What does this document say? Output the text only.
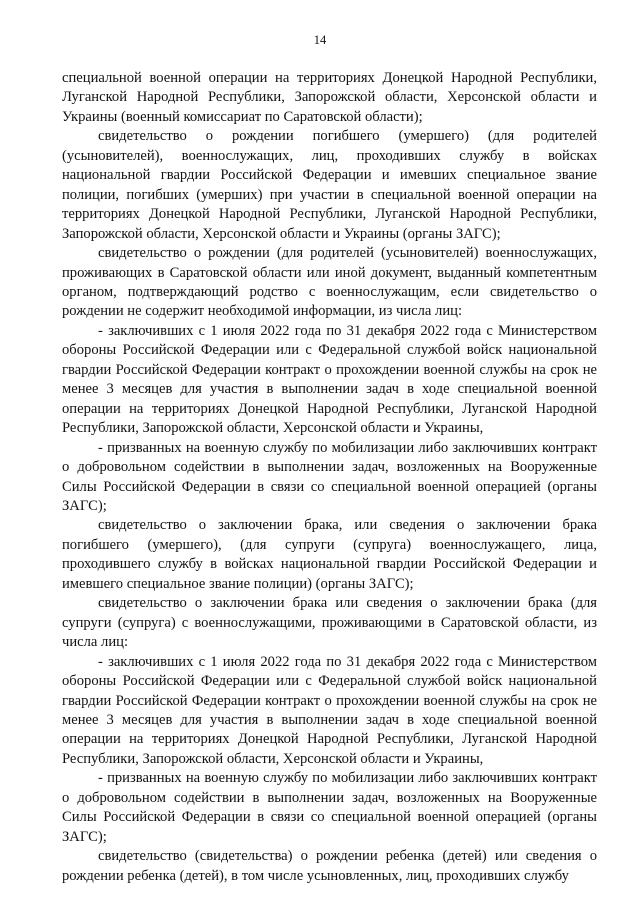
14

специальной военной операции на территориях Донецкой Народной Республики, Луганской Народной Республики, Запорожской области, Херсонской области и Украины (военный комиссариат по Саратовской области);

свидетельство о рождении погибшего (умершего) (для родителей (усыновителей), военнослужащих, лиц, проходивших службу в войсках национальной гвардии Российской Федерации и имевших специальное звание полиции, погибших (умерших) при участии в специальной военной операции на территориях Донецкой Народной Республики, Луганской Народной Республики, Запорожской области, Херсонской области и Украины (органы ЗАГС);

свидетельство о рождении (для родителей (усыновителей) военнослужащих, проживающих в Саратовской области или иной документ, выданный компетентным органом, подтверждающий родство с военнослужащим, если свидетельство о рождении не содержит необходимой информации, из числа лиц:

- заключивших с 1 июля 2022 года по 31 декабря 2022 года с Министерством обороны Российской Федерации или с Федеральной службой войск национальной гвардии Российской Федерации контракт о прохождении военной службы на срок не менее 3 месяцев для участия в выполнении задач в ходе специальной военной операции на территориях Донецкой Народной Республики, Луганской Народной Республики, Запорожской области, Херсонской области и Украины,

- призванных на военную службу по мобилизации либо заключивших контракт о добровольном содействии в выполнении задач, возложенных на Вооруженные Силы Российской Федерации в связи со специальной военной операцией (органы ЗАГС);

свидетельство о заключении брака, или сведения о заключении брака погибшего (умершего), (для супруги (супруга) военнослужащего, лица, проходившего службу в войсках национальной гвардии Российской Федерации и имевшего специальное звание полиции) (органы ЗАГС);

свидетельство о заключении брака или сведения о заключении брака (для супруги (супруга) с военнослужащими, проживающими в Саратовской области, из числа лиц:

- заключивших с 1 июля 2022 года по 31 декабря 2022 года с Министерством обороны Российской Федерации или с Федеральной службой войск национальной гвардии Российской Федерации контракт о прохождении военной службы на срок не менее 3 месяцев для участия в выполнении задач в ходе специальной военной операции на территориях Донецкой Народной Республики, Луганской Народной Республики, Запорожской области, Херсонской области и Украины,

- призванных на военную службу по мобилизации либо заключивших контракт о добровольном содействии в выполнении задач, возложенных на Вооруженные Силы Российской Федерации в связи со специальной военной операцией (органы ЗАГС);

свидетельство (свидетельства) о рождении ребенка (детей) или сведения о рождении ребенка (детей), в том числе усыновленных, лиц, проходивших службу
